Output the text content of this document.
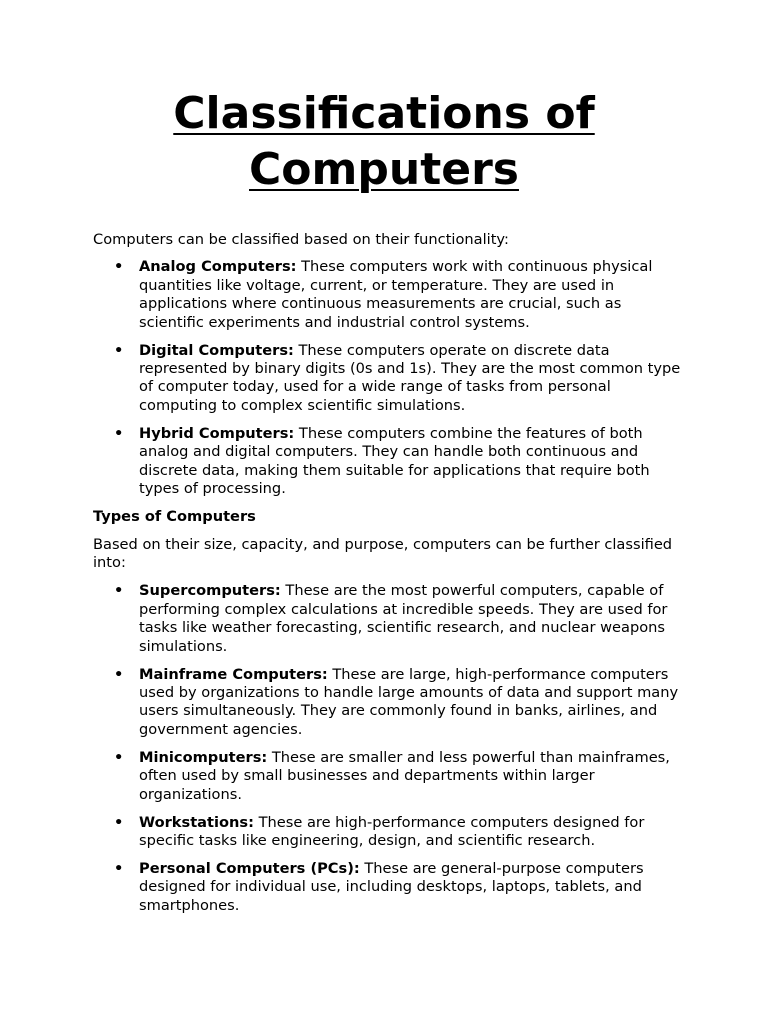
Classifications of
Computers

Computers can be classified based on their functionality:

• Analog Computers: These computers work with continuous physical quantities like voltage, current, or temperature. They are used in applications where continuous measurements are crucial, such as scientific experiments and industrial control systems.
• Digital Computers: These computers operate on discrete data represented by binary digits (0s and 1s). They are the most common type of computer today, used for a wide range of tasks from personal computing to complex scientific simulations.
• Hybrid Computers: These computers combine the features of both analog and digital computers. They can handle both continuous and discrete data, making them suitable for applications that require both types of processing.

Types of Computers

Based on their size, capacity, and purpose, computers can be further classified into:

• Supercomputers: These are the most powerful computers, capable of performing complex calculations at incredible speeds. They are used for tasks like weather forecasting, scientific research, and nuclear weapons simulations.
• Mainframe Computers: These are large, high-performance computers used by organizations to handle large amounts of data and support many users simultaneously. They are commonly found in banks, airlines, and government agencies.
• Minicomputers: These are smaller and less powerful than mainframes, often used by small businesses and departments within larger organizations.
• Workstations: These are high-performance computers designed for specific tasks like engineering, design, and scientific research.
• Personal Computers (PCs): These are general-purpose computers designed for individual use, including desktops, laptops, tablets, and smartphones.
